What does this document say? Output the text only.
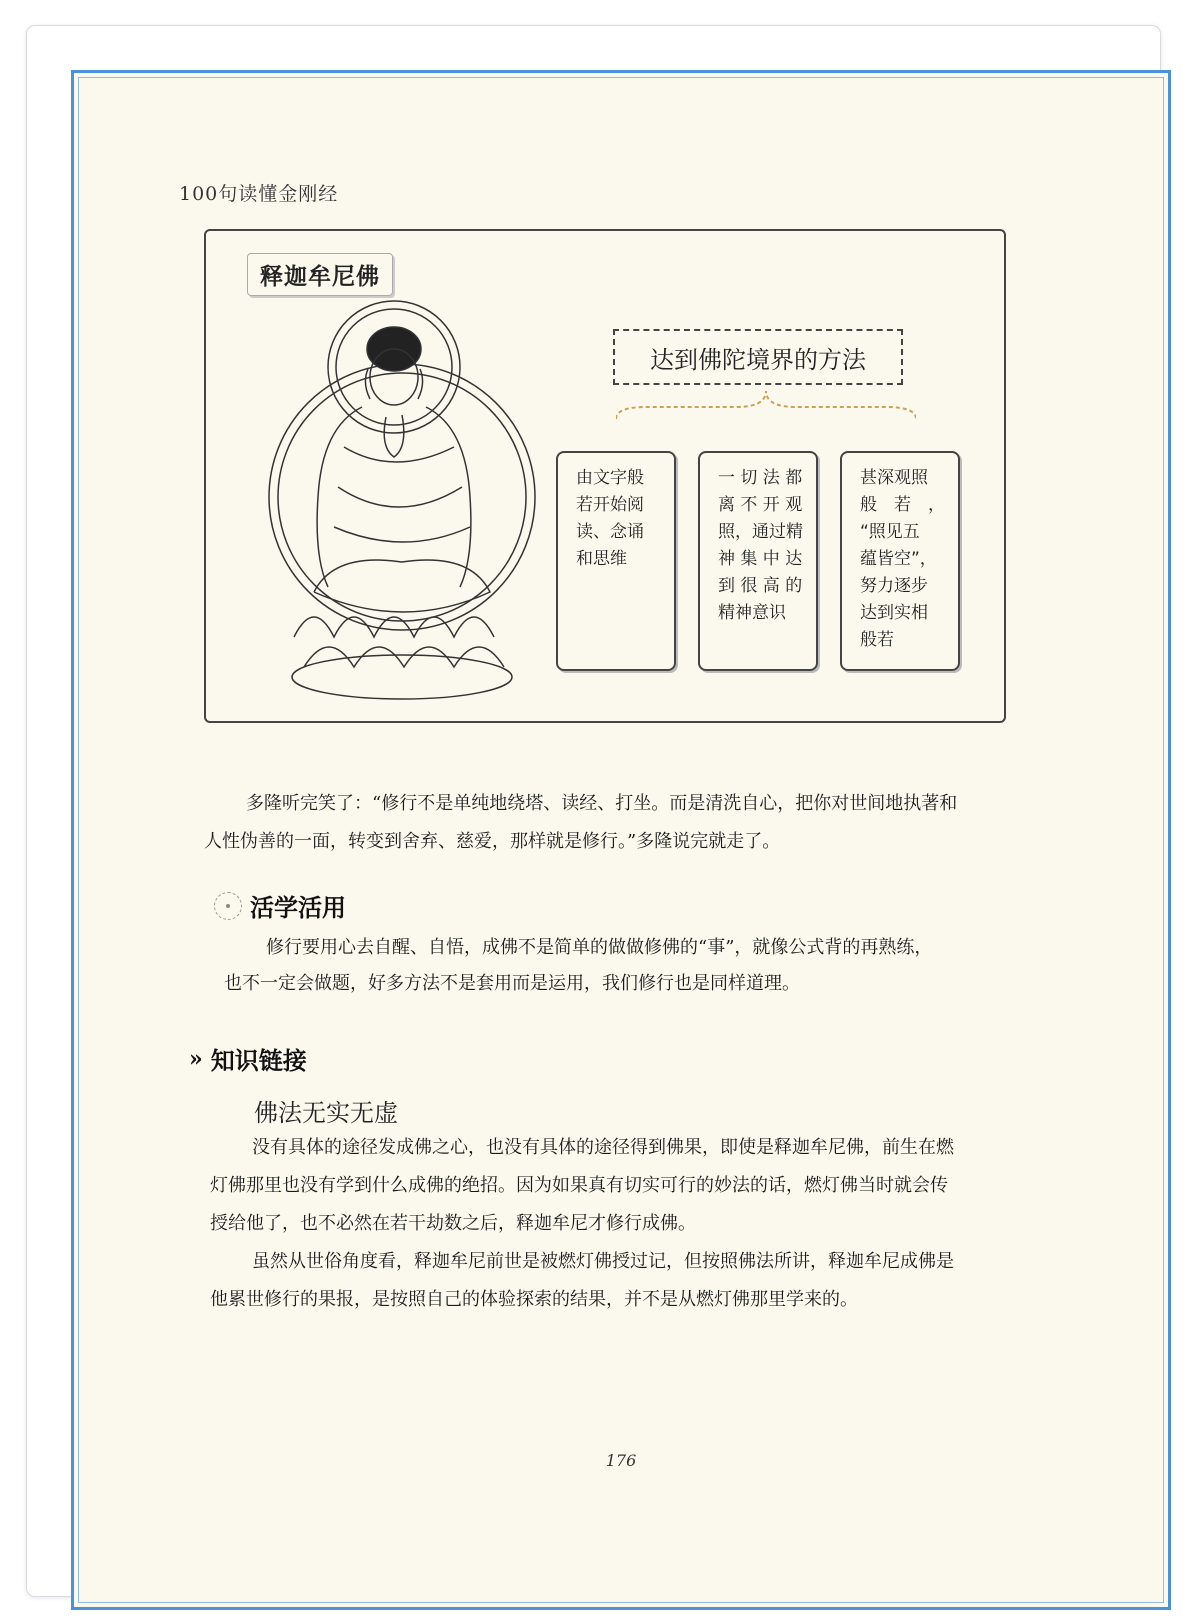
100句读懂金刚经
释迦牟尼佛
达到佛陀境界的方法
由文字般
若开始阅
读、念诵
和思维
一 切 法 都
离 不 开 观
照，通过精
神 集 中 达
到 很 高 的
精神意识
甚深观照
般　若　，
“照见五
蕴皆空”，
努力逐步
达到实相
般若
多隆听完笑了：“修行不是单纯地绕塔、读经、打坐。而是清洗自心，把你对世间地执著和
人性伪善的一面，转变到舍弃、慈爱，那样就是修行。”多隆说完就走了。
活学活用
修行要用心去自醒、自悟，成佛不是简单的做做修佛的“事”，就像公式背的再熟练，
也不一定会做题，好多方法不是套用而是运用，我们修行也是同样道理。
» 知识链接
佛法无实无虚
没有具体的途径发成佛之心，也没有具体的途径得到佛果，即使是释迦牟尼佛，前生在燃
灯佛那里也没有学到什么成佛的绝招。因为如果真有切实可行的妙法的话，燃灯佛当时就会传
授给他了，也不必然在若干劫数之后，释迦牟尼才修行成佛。
虽然从世俗角度看，释迦牟尼前世是被燃灯佛授过记，但按照佛法所讲，释迦牟尼成佛是
他累世修行的果报，是按照自己的体验探索的结果，并不是从燃灯佛那里学来的。
176
